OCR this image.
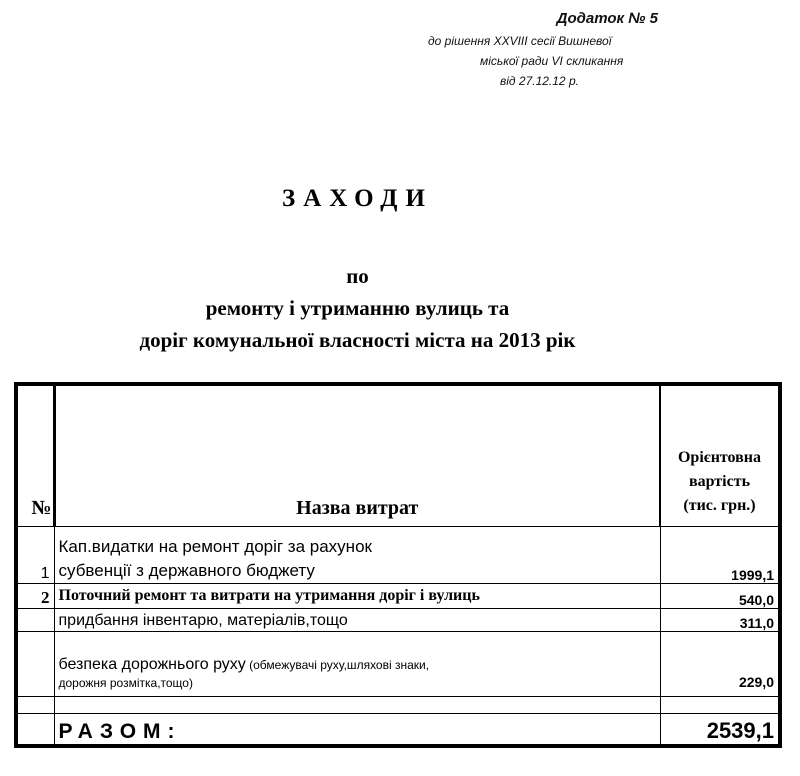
Додаток № 5
до рішення ХХVIII сесії Вишневої
міської ради VI скликання
від 27.12.12 р.
ЗАХОДИ
по
ремонту і утриманню вулиць та
доріг комунальної власності міста на 2013 рік
№	Назва витрат	Орієнтовна
вартість
(тис. грн.)

1	Кап.видатки на ремонт доріг за рахунок
субвенції з державного бюджету	1999,1
2	Поточний ремонт та витрати на утримання доріг і вулиць	540,0
	придбання інвентарю, матеріалів,тощо	311,0

	безпека дорожнього руху (обмежувачі руху,шляхові знаки,
дорожня розмітка,тощо)	229,0

	РАЗОМ:	2539,1
